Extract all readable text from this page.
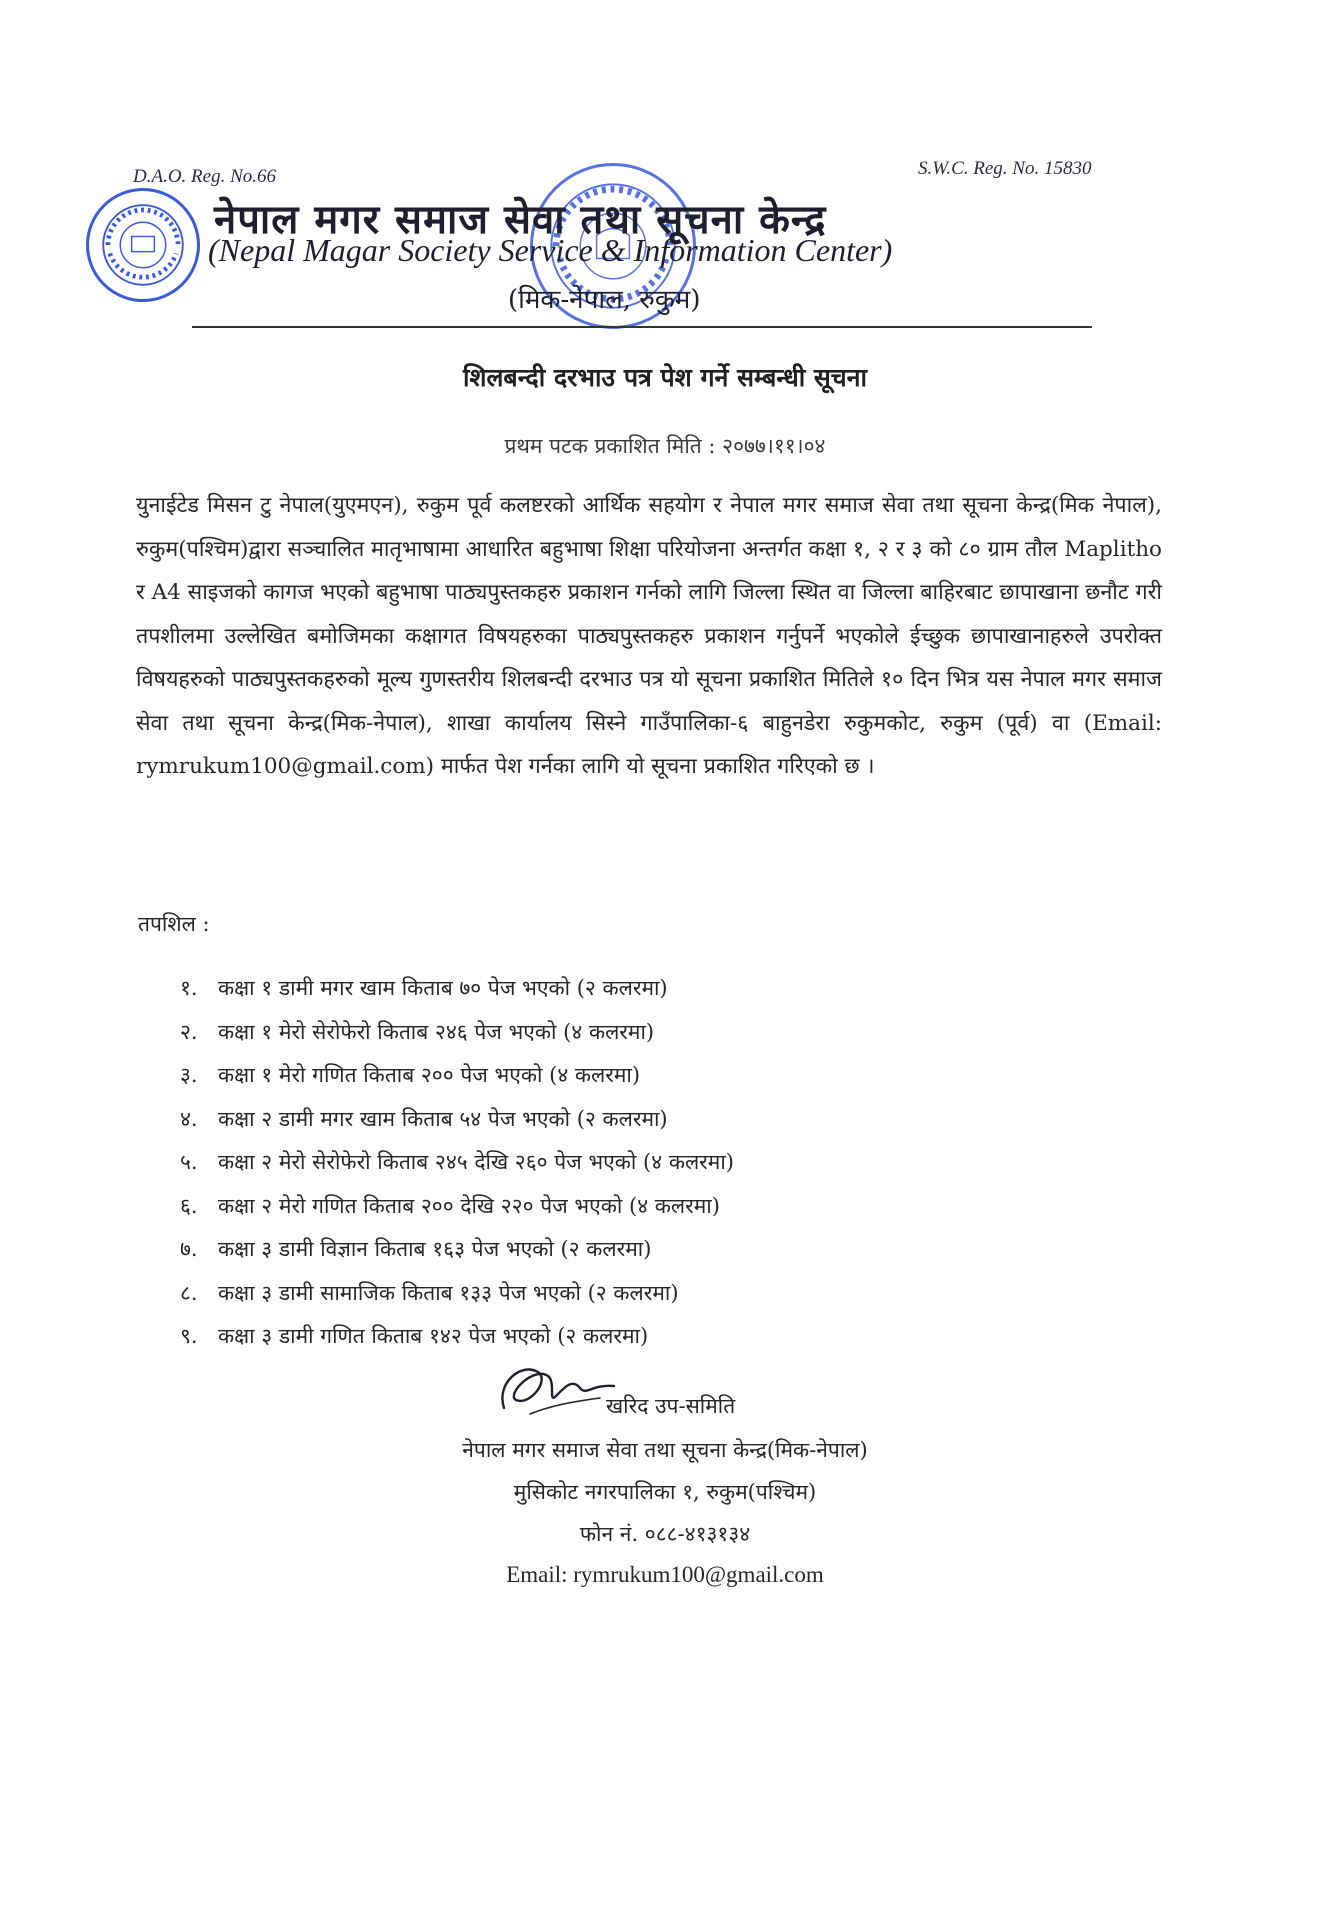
D.A.O. Reg. No.66	S.W.C. Reg. No. 15830
नेपाल मगर समाज सेवा तथा सूचना केन्द्र
(Nepal Magar Society Service & Information Center)
(मिक-नेपाल, रुकुम)
शिलबन्दी दरभाउ पत्र पेश गर्ने सम्बन्धी सूचना
प्रथम पटक प्रकाशित मिति : २०७७।११।०४
युनाईटेड मिसन टु नेपाल(युएमएन), रुकुम पूर्व कलष्टरको आर्थिक सहयोग र नेपाल मगर समाज सेवा तथा सूचना केन्द्र(मिक नेपाल), रुकुम(पश्चिम)द्वारा सञ्चालित मातृभाषामा आधारित बहुभाषा शिक्षा परियोजना अन्तर्गत कक्षा १, २ र ३ को ८० ग्राम तौल Maplitho र A4 साइजको कागज भएको बहुभाषा पाठ्यपुस्तकहरु प्रकाशन गर्नको लागि जिल्ला स्थित वा जिल्ला बाहिरबाट छापाखाना छनौट गरी तपशीलमा उल्लेखित बमोजिमका कक्षागत विषयहरुका पाठ्यपुस्तकहरु प्रकाशन गर्नुपर्ने भएकोले ईच्छुक छापाखानाहरुले उपरोक्त विषयहरुको पाठ्यपुस्तकहरुको मूल्य गुणस्तरीय शिलबन्दी दरभाउ पत्र यो सूचना प्रकाशित मितिले १० दिन भित्र यस नेपाल मगर समाज सेवा तथा सूचना केन्द्र(मिक-नेपाल), शाखा कार्यालय सिस्ने गाउँपालिका-६ बाहुनडेरा रुकुमकोट, रुकुम (पूर्व) वा (Email: rymrukum100@gmail.com) मार्फत पेश गर्नका लागि यो सूचना प्रकाशित गरिएको छ ।
तपशिल :
१. कक्षा १ डामी मगर खाम किताब ७० पेज भएको (२ कलरमा)
२. कक्षा १ मेरो सेरोफेरो किताब २४६ पेज भएको (४ कलरमा)
३. कक्षा १ मेरो गणित किताब २०० पेज भएको (४ कलरमा)
४. कक्षा २ डामी मगर खाम किताब ५४ पेज भएको (२ कलरमा)
५. कक्षा २ मेरो सेरोफेरो किताब २४५ देखि २६० पेज भएको (४ कलरमा)
६. कक्षा २ मेरो गणित किताब २०० देखि २२० पेज भएको (४ कलरमा)
७. कक्षा ३ डामी विज्ञान किताब १६३ पेज भएको (२ कलरमा)
८. कक्षा ३ डामी सामाजिक किताब १३३ पेज भएको (२ कलरमा)
९. कक्षा ३ डामी गणित किताब १४२ पेज भएको (२ कलरमा)
खरिद उप-समिति
नेपाल मगर समाज सेवा तथा सूचना केन्द्र(मिक-नेपाल)
मुसिकोट नगरपालिका १, रुकुम(पश्चिम)
फोन नं. ०८८-४१३१३४
Email: rymrukum100@gmail.com
